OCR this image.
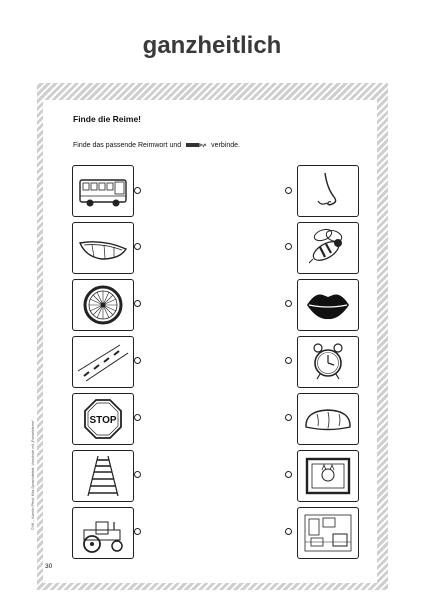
ganzheitlich
Finde die Reime!
Finde das passende Reimwort und	verbinde.
©VK – Karolin Pfeuf: Kita Sprachdetekt. Vorschule mit „Funkelsterne“ ...
30
STOP
